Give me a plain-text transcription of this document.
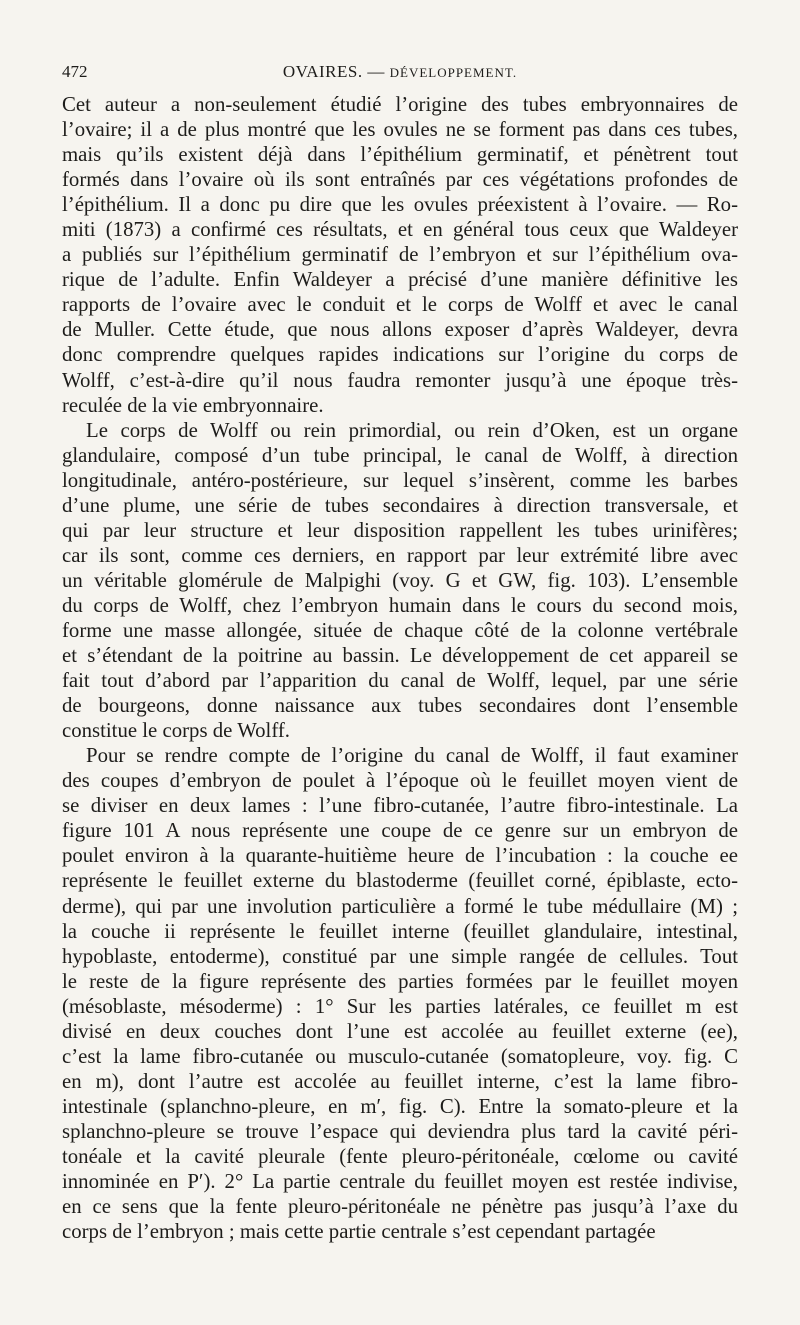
472	OVAIRES. — DÉVELOPPEMENT.
Cet auteur a non-seulement étudié l’origine des tubes embryonnaires de
l’ovaire; il a de plus montré que les ovules ne se forment pas dans ces tubes,
mais qu’ils existent déjà dans l’épithélium germinatif, et pénètrent tout
formés dans l’ovaire où ils sont entraînés par ces végétations profondes de
l’épithélium. Il a donc pu dire que les ovules préexistent à l’ovaire. — Ro-
miti (1873) a confirmé ces résultats, et en général tous ceux que Waldeyer
a publiés sur l’épithélium germinatif de l’embryon et sur l’épithélium ova-
rique de l’adulte. Enfin Waldeyer a précisé d’une manière définitive les
rapports de l’ovaire avec le conduit et le corps de Wolff et avec le canal
de Muller. Cette étude, que nous allons exposer d’après Waldeyer, devra
donc comprendre quelques rapides indications sur l’origine du corps de
Wolff, c’est-à-dire qu’il nous faudra remonter jusqu’à une époque très-
reculée de la vie embryonnaire.
Le corps de Wolff ou rein primordial, ou rein d’Oken, est un organe
glandulaire, composé d’un tube principal, le canal de Wolff, à direction
longitudinale, antéro-postérieure, sur lequel s’insèrent, comme les barbes
d’une plume, une série de tubes secondaires à direction transversale, et
qui par leur structure et leur disposition rappellent les tubes urinifères;
car ils sont, comme ces derniers, en rapport par leur extrémité libre avec
un véritable glomérule de Malpighi (voy. G et GW, fig. 103). L’ensemble
du corps de Wolff, chez l’embryon humain dans le cours du second mois,
forme une masse allongée, située de chaque côté de la colonne vertébrale
et s’étendant de la poitrine au bassin. Le développement de cet appareil se
fait tout d’abord par l’apparition du canal de Wolff, lequel, par une série
de bourgeons, donne naissance aux tubes secondaires dont l’ensemble
constitue le corps de Wolff.
Pour se rendre compte de l’origine du canal de Wolff, il faut examiner
des coupes d’embryon de poulet à l’époque où le feuillet moyen vient de
se diviser en deux lames : l’une fibro-cutanée, l’autre fibro-intestinale. La
figure 101 A nous représente une coupe de ce genre sur un embryon de
poulet environ à la quarante-huitième heure de l’incubation : la couche ee
représente le feuillet externe du blastoderme (feuillet corné, épiblaste, ecto-
derme), qui par une involution particulière a formé le tube médullaire (M) ;
la couche ii représente le feuillet interne (feuillet glandulaire, intestinal,
hypoblaste, entoderme), constitué par une simple rangée de cellules. Tout
le reste de la figure représente des parties formées par le feuillet moyen
(mésoblaste, mésoderme) : 1° Sur les parties latérales, ce feuillet m est
divisé en deux couches dont l’une est accolée au feuillet externe (ee),
c’est la lame fibro-cutanée ou musculo-cutanée (somatopleure, voy. fig. C
en m), dont l’autre est accolée au feuillet interne, c’est la lame fibro-
intestinale (splanchno-pleure, en m′, fig. C). Entre la somato-pleure et la
splanchno-pleure se trouve l’espace qui deviendra plus tard la cavité péri-
tonéale et la cavité pleurale (fente pleuro-péritonéale, cœlome ou cavité
innominée en P′). 2° La partie centrale du feuillet moyen est restée indivise,
en ce sens que la fente pleuro-péritonéale ne pénètre pas jusqu’à l’axe du
corps de l’embryon ; mais cette partie centrale s’est cependant partagée
